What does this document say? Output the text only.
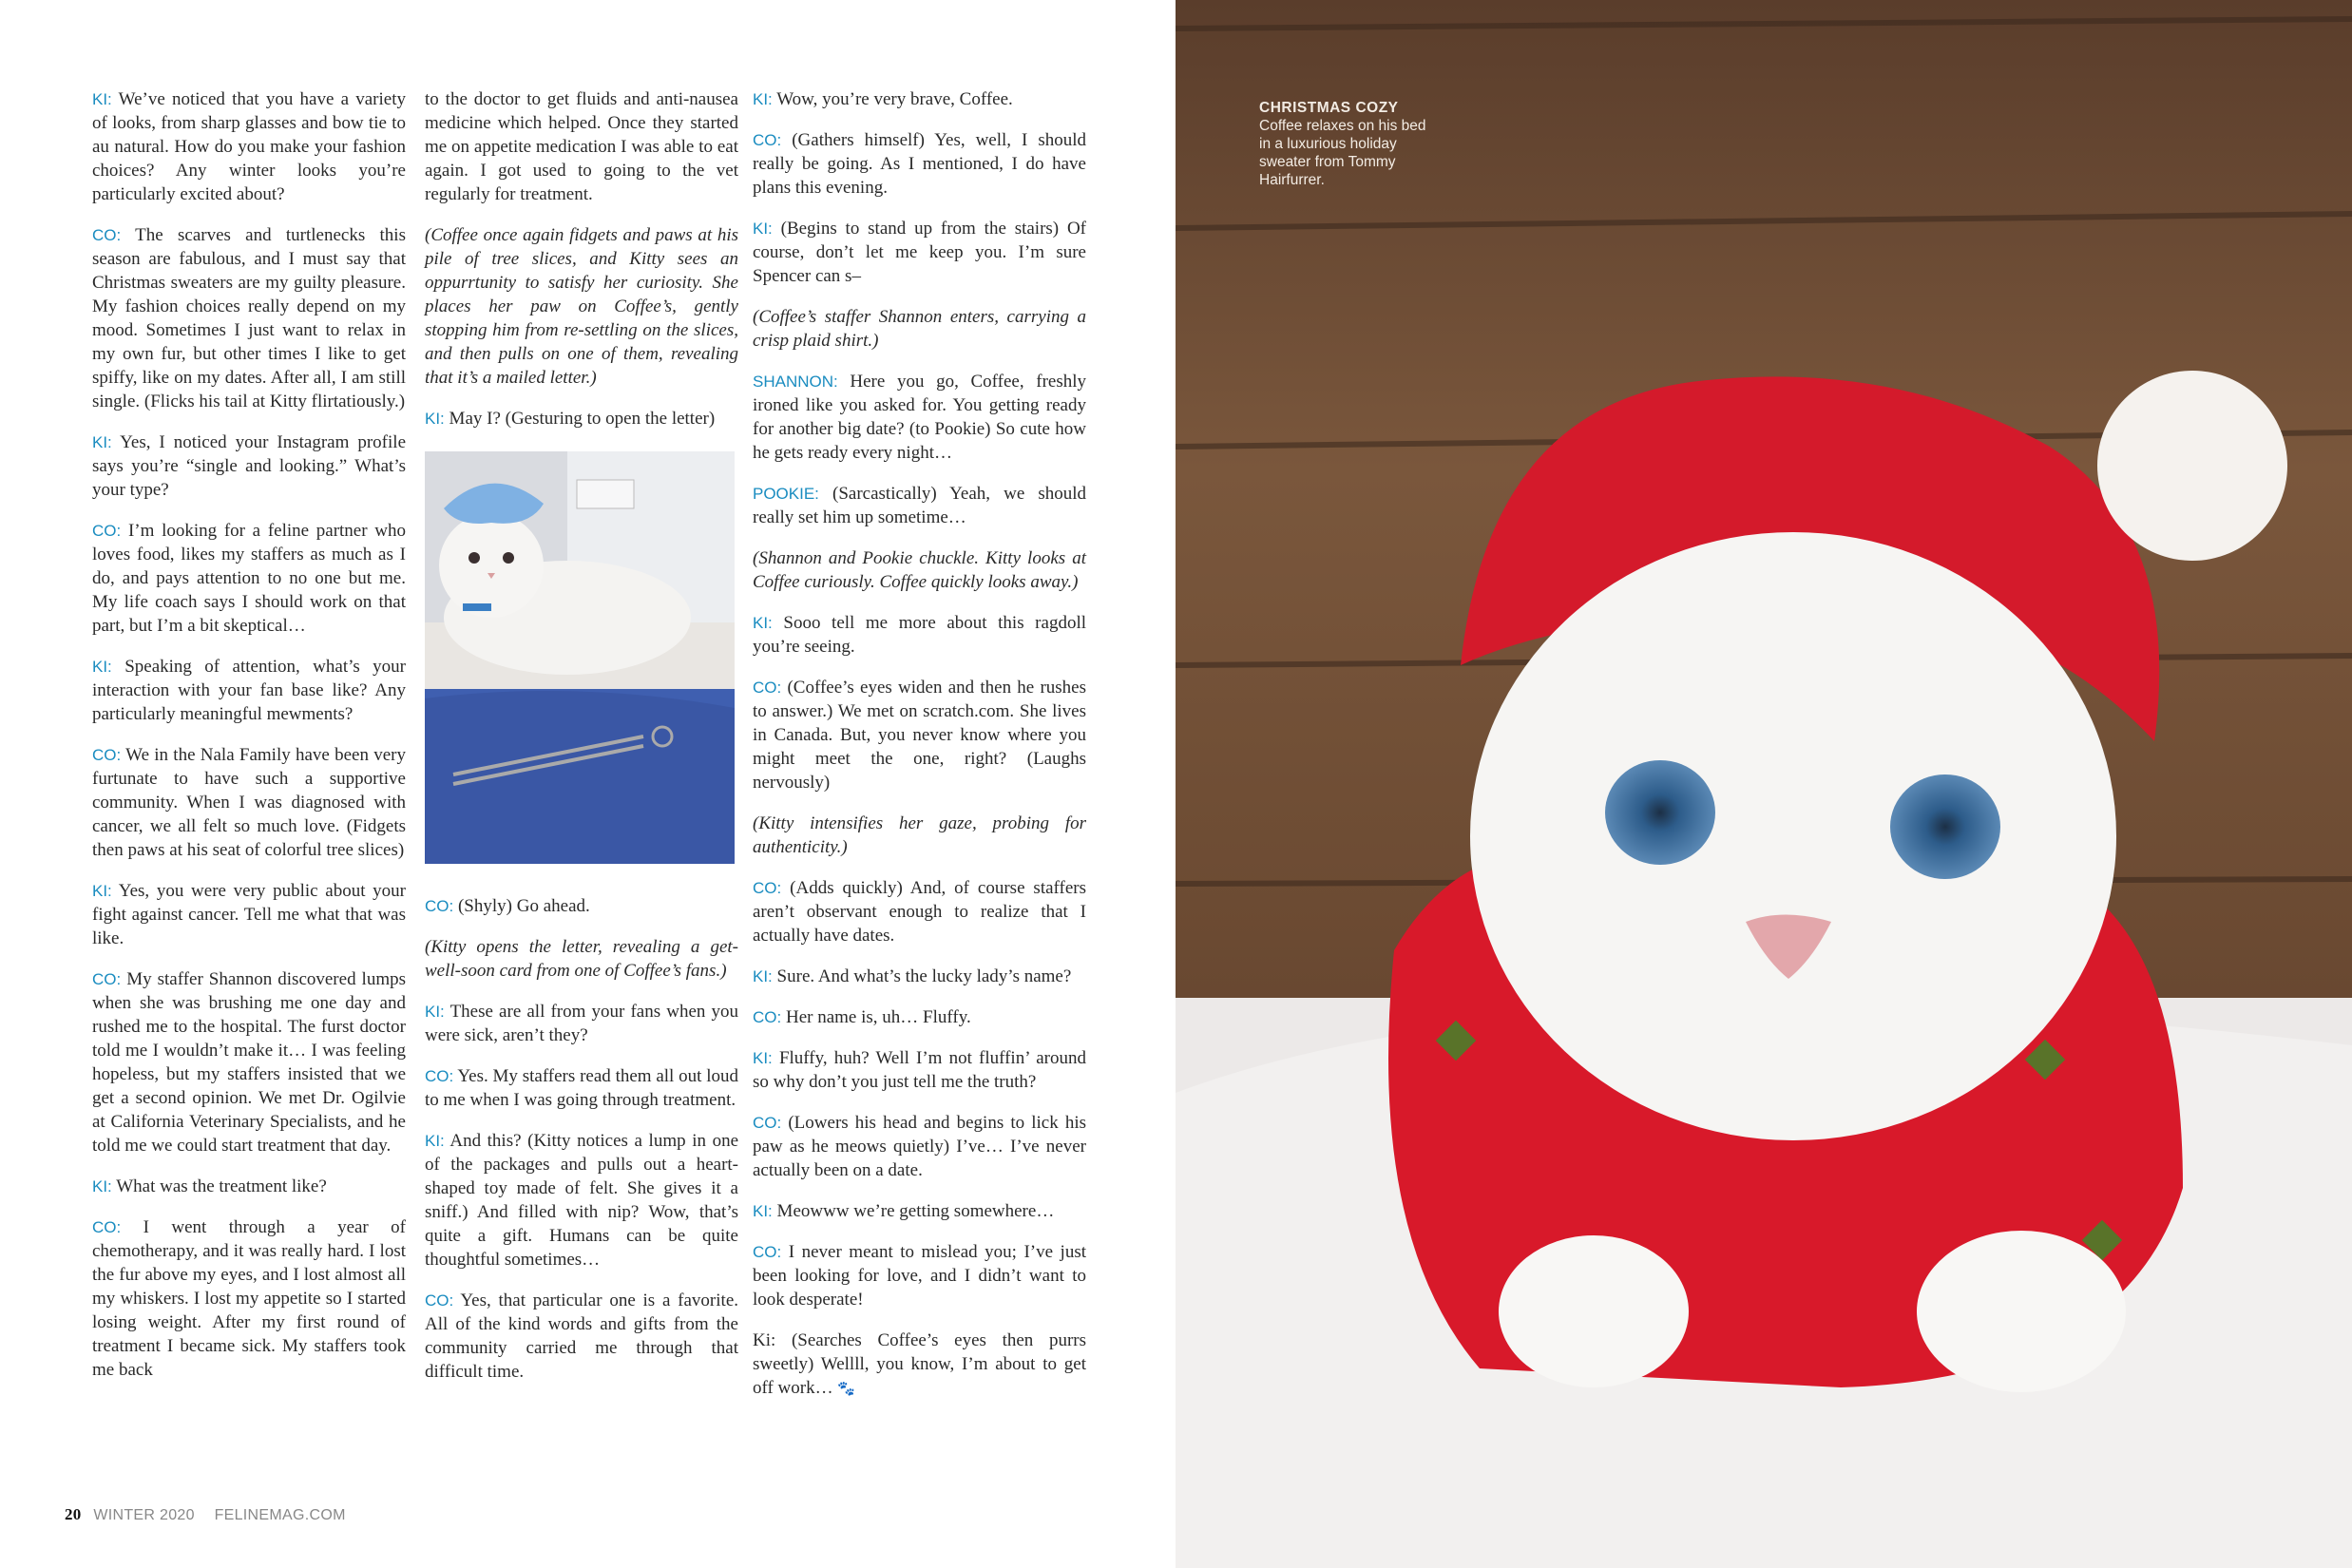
KI: We’ve noticed that you have a variety of looks, from sharp glasses and bow tie to au natural. How do you make your fashion choices? Any winter looks you’re particularly excited about?

CO: The scarves and turtlenecks this season are fabulous, and I must say that Christmas sweaters are my guilty pleasure. My fashion choices really depend on my mood. Sometimes I just want to relax in my own fur, but other times I like to get spiffy, like on my dates. After all, I am still single. (Flicks his tail at Kitty flirtatiously.)

KI: Yes, I noticed your Instagram profile says you’re “single and looking.” What’s your type?

CO: I’m looking for a feline partner who loves food, likes my staffers as much as I do, and pays attention to no one but me. My life coach says I should work on that part, but I’m a bit skeptical…

KI: Speaking of attention, what’s your interaction with your fan base like? Any particularly meaningful mewments?

CO: We in the Nala Family have been very furtunate to have such a supportive community. When I was diagnosed with cancer, we all felt so much love. (Fidgets then paws at his seat of colorful tree slices)

KI: Yes, you were very public about your fight against cancer. Tell me what that was like.

CO: My staffer Shannon discovered lumps when she was brushing me one day and rushed me to the hospital. The furst doctor told me I wouldn’t make it… I was feeling hopeless, but my staffers insisted that we get a second opinion. We met Dr. Ogilvie at California Veterinary Specialists, and he told me we could start treatment that day.

KI: What was the treatment like?

CO: I went through a year of chemotherapy, and it was really hard. I lost the fur above my eyes, and I lost almost all my whiskers. I lost my appetite so I started losing weight. After my first round of treatment I became sick. My staffers took me back

to the doctor to get fluids and anti-nausea medicine which helped. Once they started me on appetite medication I was able to eat again. I got used to going to the vet regularly for treatment.

(Coffee once again fidgets and paws at his pile of tree slices, and Kitty sees an oppurrtunity to satisfy her curiosity. She places her paw on Coffee’s, gently stopping him from re-settling on the slices, and then pulls on one of them, revealing that it’s a mailed letter.)

KI: May I? (Gesturing to open the letter)

CO: (Shyly) Go ahead.

(Kitty opens the letter, revealing a get-well-soon card from one of Coffee’s fans.)

KI: These are all from your fans when you were sick, aren’t they?

CO: Yes. My staffers read them all out loud to me when I was going through treatment.

KI: And this? (Kitty notices a lump in one of the packages and pulls out a heart-shaped toy made of felt. She gives it a sniff.) And filled with nip? Wow, that’s quite a gift. Humans can be quite thoughtful sometimes…

CO: Yes, that particular one is a favorite. All of the kind words and gifts from the community carried me through that difficult time.

KI: Wow, you’re very brave, Coffee.

CO: (Gathers himself) Yes, well, I should really be going. As I mentioned, I do have plans this evening.

KI: (Begins to stand up from the stairs) Of course, don’t let me keep you. I’m sure Spencer can s–

(Coffee’s staffer Shannon enters, carrying a crisp plaid shirt.)

SHANNON: Here you go, Coffee, freshly ironed like you asked for. You getting ready for another big date? (to Pookie) So cute how he gets ready every night…

POOKIE: (Sarcastically) Yeah, we should really set him up sometime…

(Shannon and Pookie chuckle. Kitty looks at Coffee curiously. Coffee quickly looks away.)

KI: Sooo tell me more about this ragdoll you’re seeing.

CO: (Coffee’s eyes widen and then he rushes to answer.) We met on scratch.com. She lives in Canada. But, you never know where you might meet the one, right? (Laughs nervously)

(Kitty intensifies her gaze, probing for authenticity.)

CO: (Adds quickly) And, of course staffers aren’t observant enough to realize that I actually have dates.

KI: Sure. And what’s the lucky lady’s name?

CO: Her name is, uh… Fluffy.

KI: Fluffy, huh? Well I’m not fluffin’ around so why don’t you just tell me the truth?

CO: (Lowers his head and begins to lick his paw as he meows quietly) I’ve… I’ve never actually been on a date.

KI: Meowww we’re getting somewhere…

CO: I never meant to mislead you; I’ve just been looking for love, and I didn’t want to look desperate!

Ki: (Searches Coffee’s eyes then purrs sweetly) Wellll, you know, I’m about to get off work… 🐾

20 WINTER 2020 FELINEMAG.COM
CHRISTMAS COZY
Coffee relaxes on his bed in a luxurious holiday sweater from Tommy Hairfurrer.
